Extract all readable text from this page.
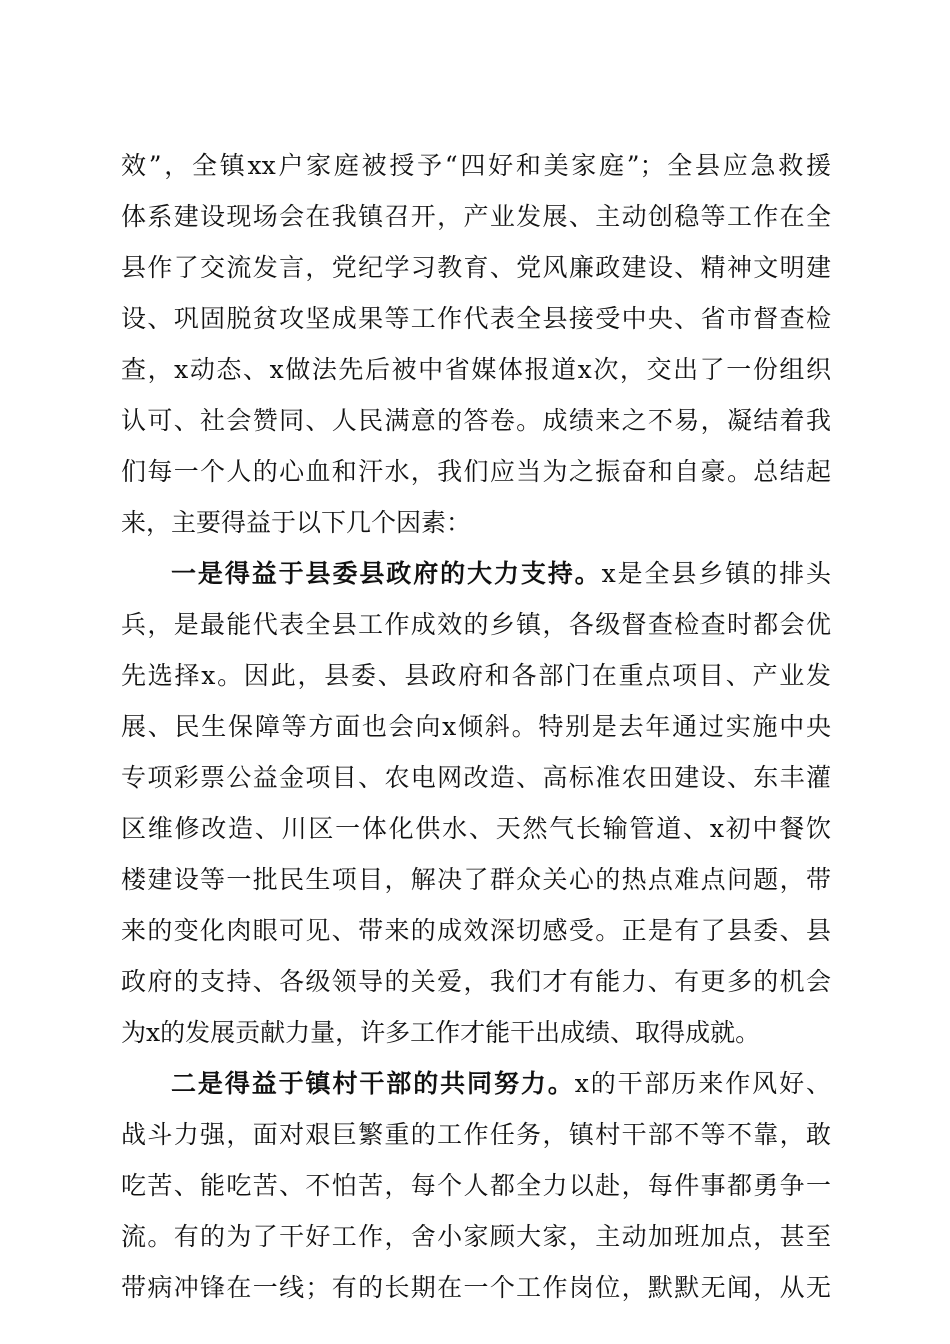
效”，全镇xx户家庭被授予“四好和美家庭”；全县应急救援
体系建设现场会在我镇召开，产业发展、主动创稳等工作在全
县作了交流发言，党纪学习教育、党风廉政建设、精神文明建
设、巩固脱贫攻坚成果等工作代表全县接受中央、省市督查检
查，x动态、x做法先后被中省媒体报道x次，交出了一份组织
认可、社会赞同、人民满意的答卷。成绩来之不易，凝结着我
们每一个人的心血和汗水，我们应当为之振奋和自豪。总结起
来，主要得益于以下几个因素：
一是得益于县委县政府的大力支持。x是全县乡镇的排头
兵，是最能代表全县工作成效的乡镇，各级督查检查时都会优
先选择x。因此，县委、县政府和各部门在重点项目、产业发
展、民生保障等方面也会向x倾斜。特别是去年通过实施中央
专项彩票公益金项目、农电网改造、高标准农田建设、东丰灌
区维修改造、川区一体化供水、天然气长输管道、x初中餐饮
楼建设等一批民生项目，解决了群众关心的热点难点问题，带
来的变化肉眼可见、带来的成效深切感受。正是有了县委、县
政府的支持、各级领导的关爱，我们才有能力、有更多的机会
为x的发展贡献力量，许多工作才能干出成绩、取得成就。
二是得益于镇村干部的共同努力。x的干部历来作风好、
战斗力强，面对艰巨繁重的工作任务，镇村干部不等不靠，敢
吃苦、能吃苦、不怕苦，每个人都全力以赴，每件事都勇争一
流。有的为了干好工作，舍小家顾大家，主动加班加点，甚至
带病冲锋在一线；有的长期在一个工作岗位，默默无闻，从无
